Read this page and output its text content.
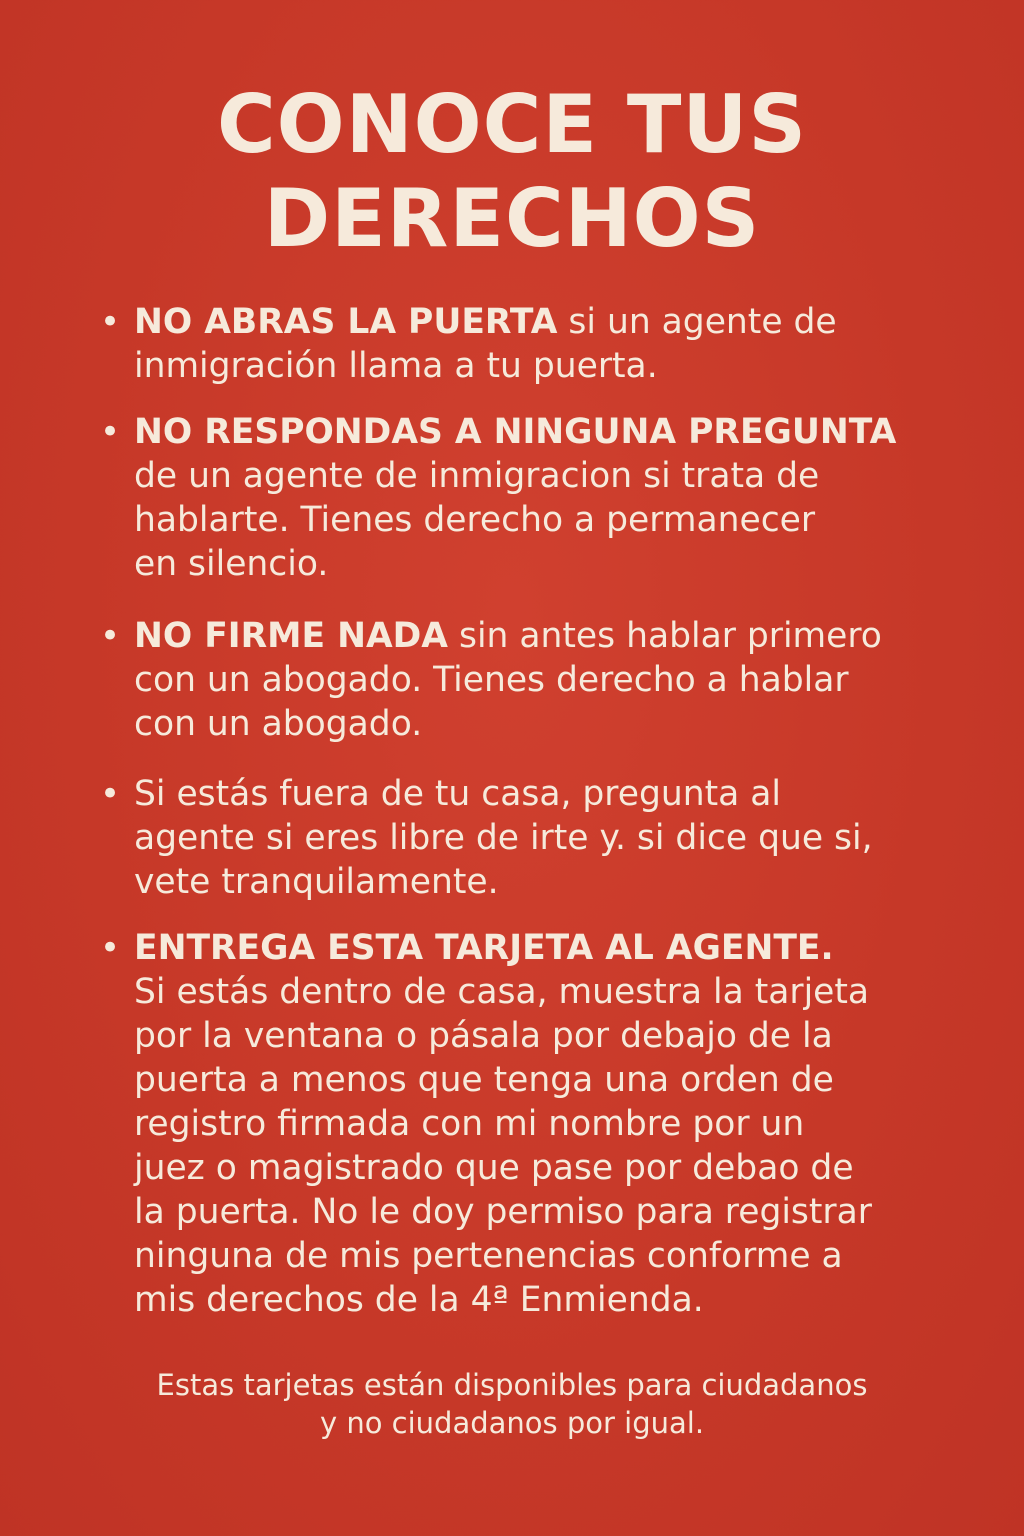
CONOCE TUS
DERECHOS
• NO ABRAS LA PUERTA si un agente de
inmigración llama a tu puerta.
• NO RESPONDAS A NINGUNA PREGUNTA
de un agente de inmigracion si trata de
hablarte. Tienes derecho a permanecer
en silencio.
• NO FIRME NADA sin antes hablar primero
con un abogado. Tienes derecho a hablar
con un abogado.
• Si estás fuera de tu casa, pregunta al
agente si eres libre de irte y. si dice que si,
vete tranquilamente.
• ENTREGA ESTA TARJETA AL AGENTE.
Si estás dentro de casa, muestra la tarjeta
por la ventana o pásala por debajo de la
puerta a menos que tenga una orden de
registro firmada con mi nombre por un
juez o magistrado que pase por debao de
la puerta. No le doy permiso para registrar
ninguna de mis pertenencias conforme a
mis derechos de la 4ª Enmienda.
Estas tarjetas están disponibles para ciudadanos
y no ciudadanos por igual.
